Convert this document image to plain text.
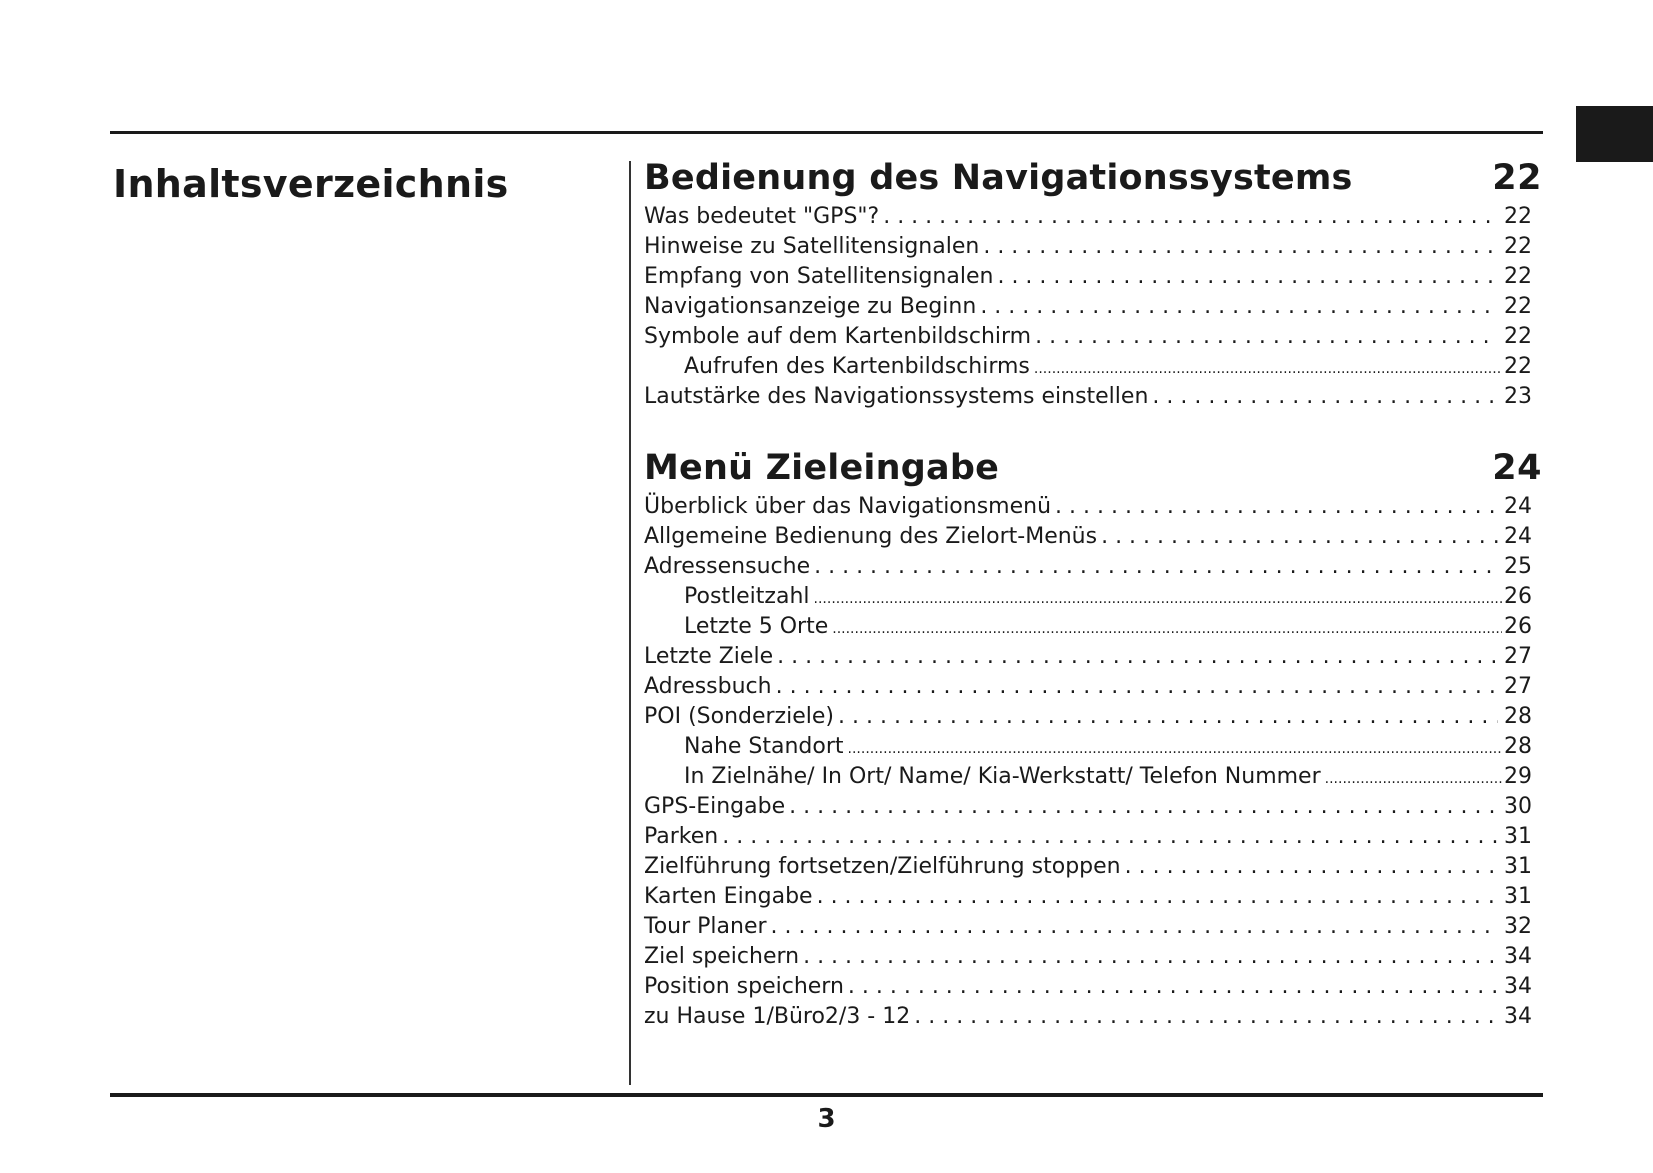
Inhaltsverzeichnis	Bedienung des Navigationssystems	22
Was bedeutet "GPS"? . . .	22
Hinweise zu Satellitensignalen . . .	22
Empfang von Satellitensignalen . . .	22
Navigationsanzeige zu Beginn . . .	22
Symbole auf dem Kartenbildschirm . . .	22
Aufrufen des Kartenbildschirms .....	22
Lautstärke des Navigationssystems einstellen . . .	23
Menü Zieleingabe	24
Überblick über das Navigationsmenü . . .	24
Allgemeine Bedienung des Zielort-Menüs . . .	24
Adressensuche . . .	25
Postleitzahl .....	26
Letzte 5 Orte .....	26
Letzte Ziele . . .	27
Adressbuch . . .	27
POI (Sonderziele) . . .	28
Nahe Standort .....	28
In Zielnähe/ In Ort/ Name/ Kia-Werkstatt/ Telefon Nummer .....	29
GPS-Eingabe . . .	30
Parken . . .	31
Zielführung fortsetzen/Zielführung stoppen . . .	31
Karten Eingabe . . .	31
Tour Planer . . .	32
Ziel speichern . . .	34
Position speichern . . .	34
zu Hause 1/Büro2/3 - 12 . . .	34
3
